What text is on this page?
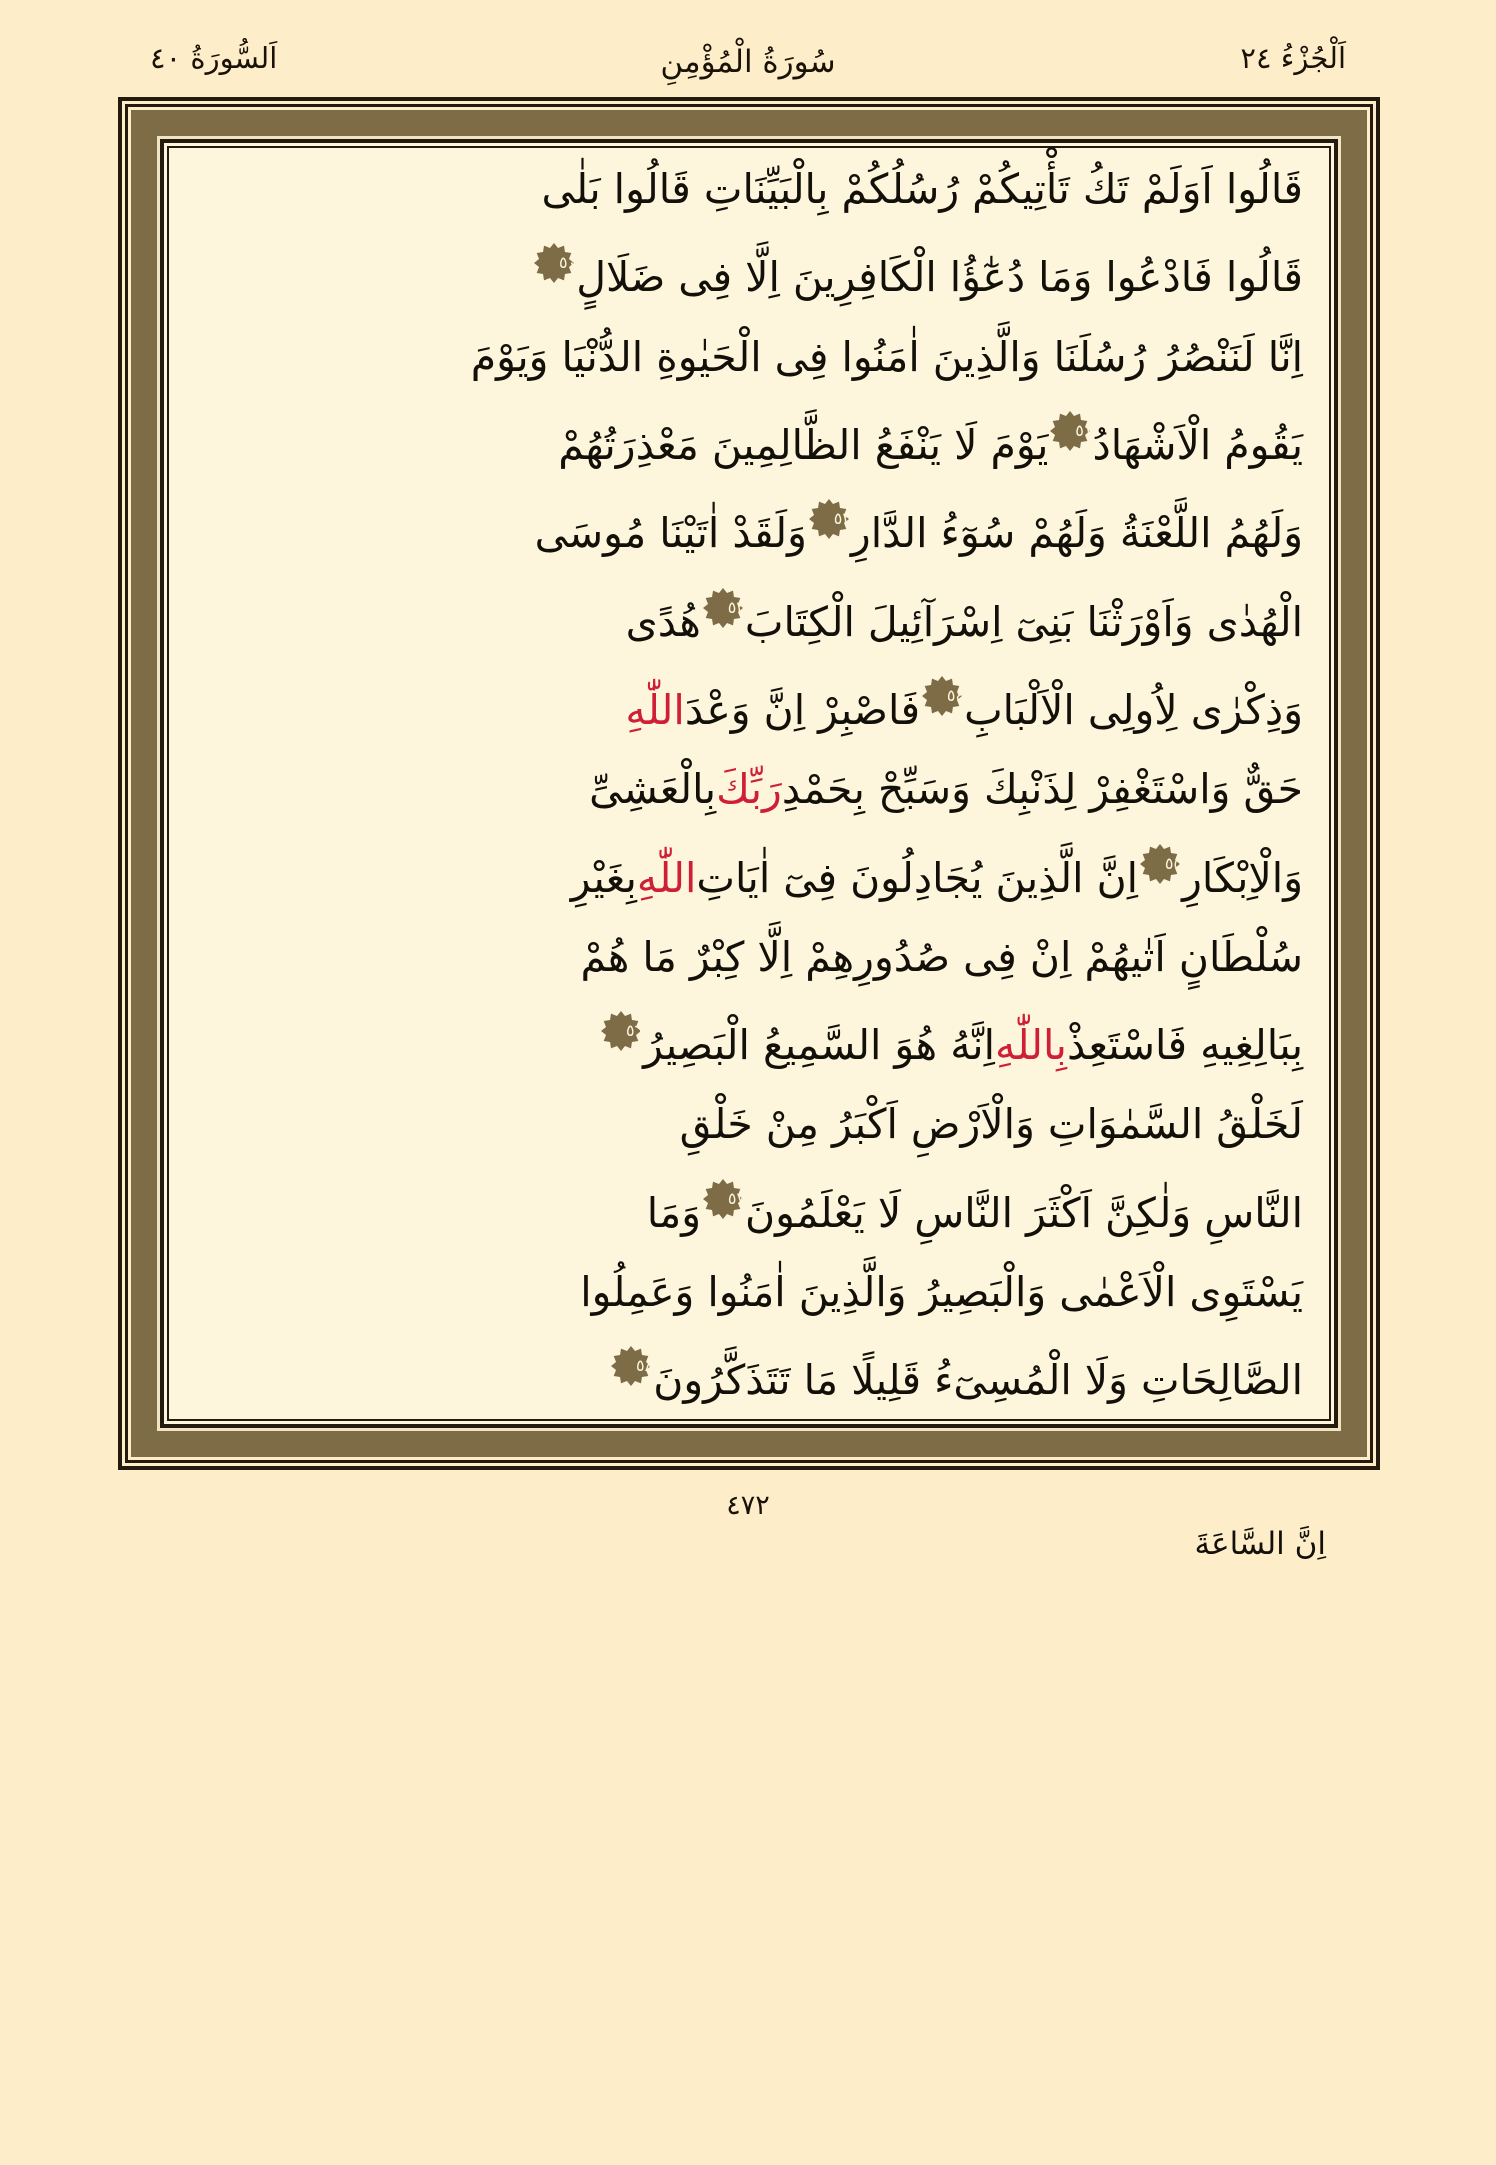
اَلْجُزْءُ ٢٤
سُورَةُ الْمُؤْمِنِ
اَلسُّورَةُ ٤٠
قَالُوا اَوَلَمْ تَكُ تَأْتِيكُمْ رُسُلُكُمْ بِالْبَيِّنَاتِ قَالُوا بَلٰى
قَالُوا فَادْعُوا وَمَا دُعٰٓؤُا الْكَافِرِينَ اِلَّا فِى ضَلَالٍ
٥٠
اِنَّا لَنَنْصُرُ رُسُلَنَا وَالَّذِينَ اٰمَنُوا فِى الْحَيٰوةِ الدُّنْيَا وَيَوْمَ
يَقُومُ الْاَشْهَادُ
٥١
يَوْمَ لَا يَنْفَعُ الظَّالِمِينَ مَعْذِرَتُهُمْ
وَلَهُمُ اللَّعْنَةُ وَلَهُمْ سُوٓءُ الدَّارِ
٥٢
وَلَقَدْ اٰتَيْنَا مُوسَى
الْهُدٰى وَاَوْرَثْنَا بَنِىٓ اِسْرَآئِيلَ الْكِتَابَ
٥٣
هُدًى
وَذِكْرٰى لِاُولِى الْاَلْبَابِ
٥٤
فَاصْبِرْ اِنَّ وَعْدَاللّٰهِ
حَقٌّ وَاسْتَغْفِرْ لِذَنْبِكَ وَسَبِّحْ بِحَمْدِرَبِّكَبِالْعَشِىِّ
وَالْاِبْكَارِ
٥٥
اِنَّ الَّذِينَ يُجَادِلُونَ فِىٓ اٰيَاتِاللّٰهِبِغَيْرِ
سُلْطَانٍ اَتٰيهُمْ اِنْ فِى صُدُورِهِمْ اِلَّا كِبْرٌ مَا هُمْ
بِبَالِغِيهِ فَاسْتَعِذْبِاللّٰهِاِنَّهُ هُوَ السَّمِيعُ الْبَصِيرُ
٥٦
لَخَلْقُ السَّمٰوَاتِ وَالْاَرْضِ اَكْبَرُ مِنْ خَلْقِ
النَّاسِ وَلٰكِنَّ اَكْثَرَ النَّاسِ لَا يَعْلَمُونَ
٥٧
وَمَا
يَسْتَوِى الْاَعْمٰى وَالْبَصِيرُ وَالَّذِينَ اٰمَنُوا وَعَمِلُوا
الصَّالِحَاتِ وَلَا الْمُسِىٓءُ قَلِيلًا مَا تَتَذَكَّرُونَ
٥٨
٤٧٢
اِنَّ السَّاعَةَ
